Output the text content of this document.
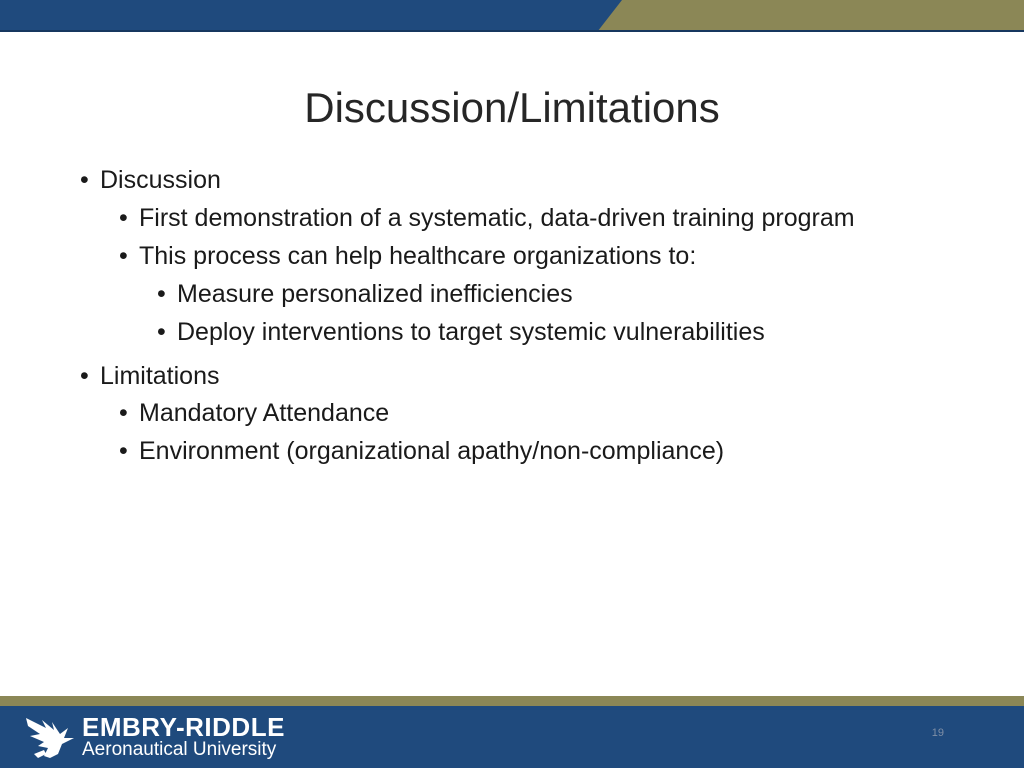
Discussion/Limitations
• Discussion
• First demonstration of a systematic, data-driven training program
• This process can help healthcare organizations to:
• Measure personalized inefficiencies
• Deploy interventions to target systemic vulnerabilities
• Limitations
• Mandatory Attendance
• Environment (organizational apathy/non-compliance)
EMBRY-RIDDLE
Aeronautical University
19
